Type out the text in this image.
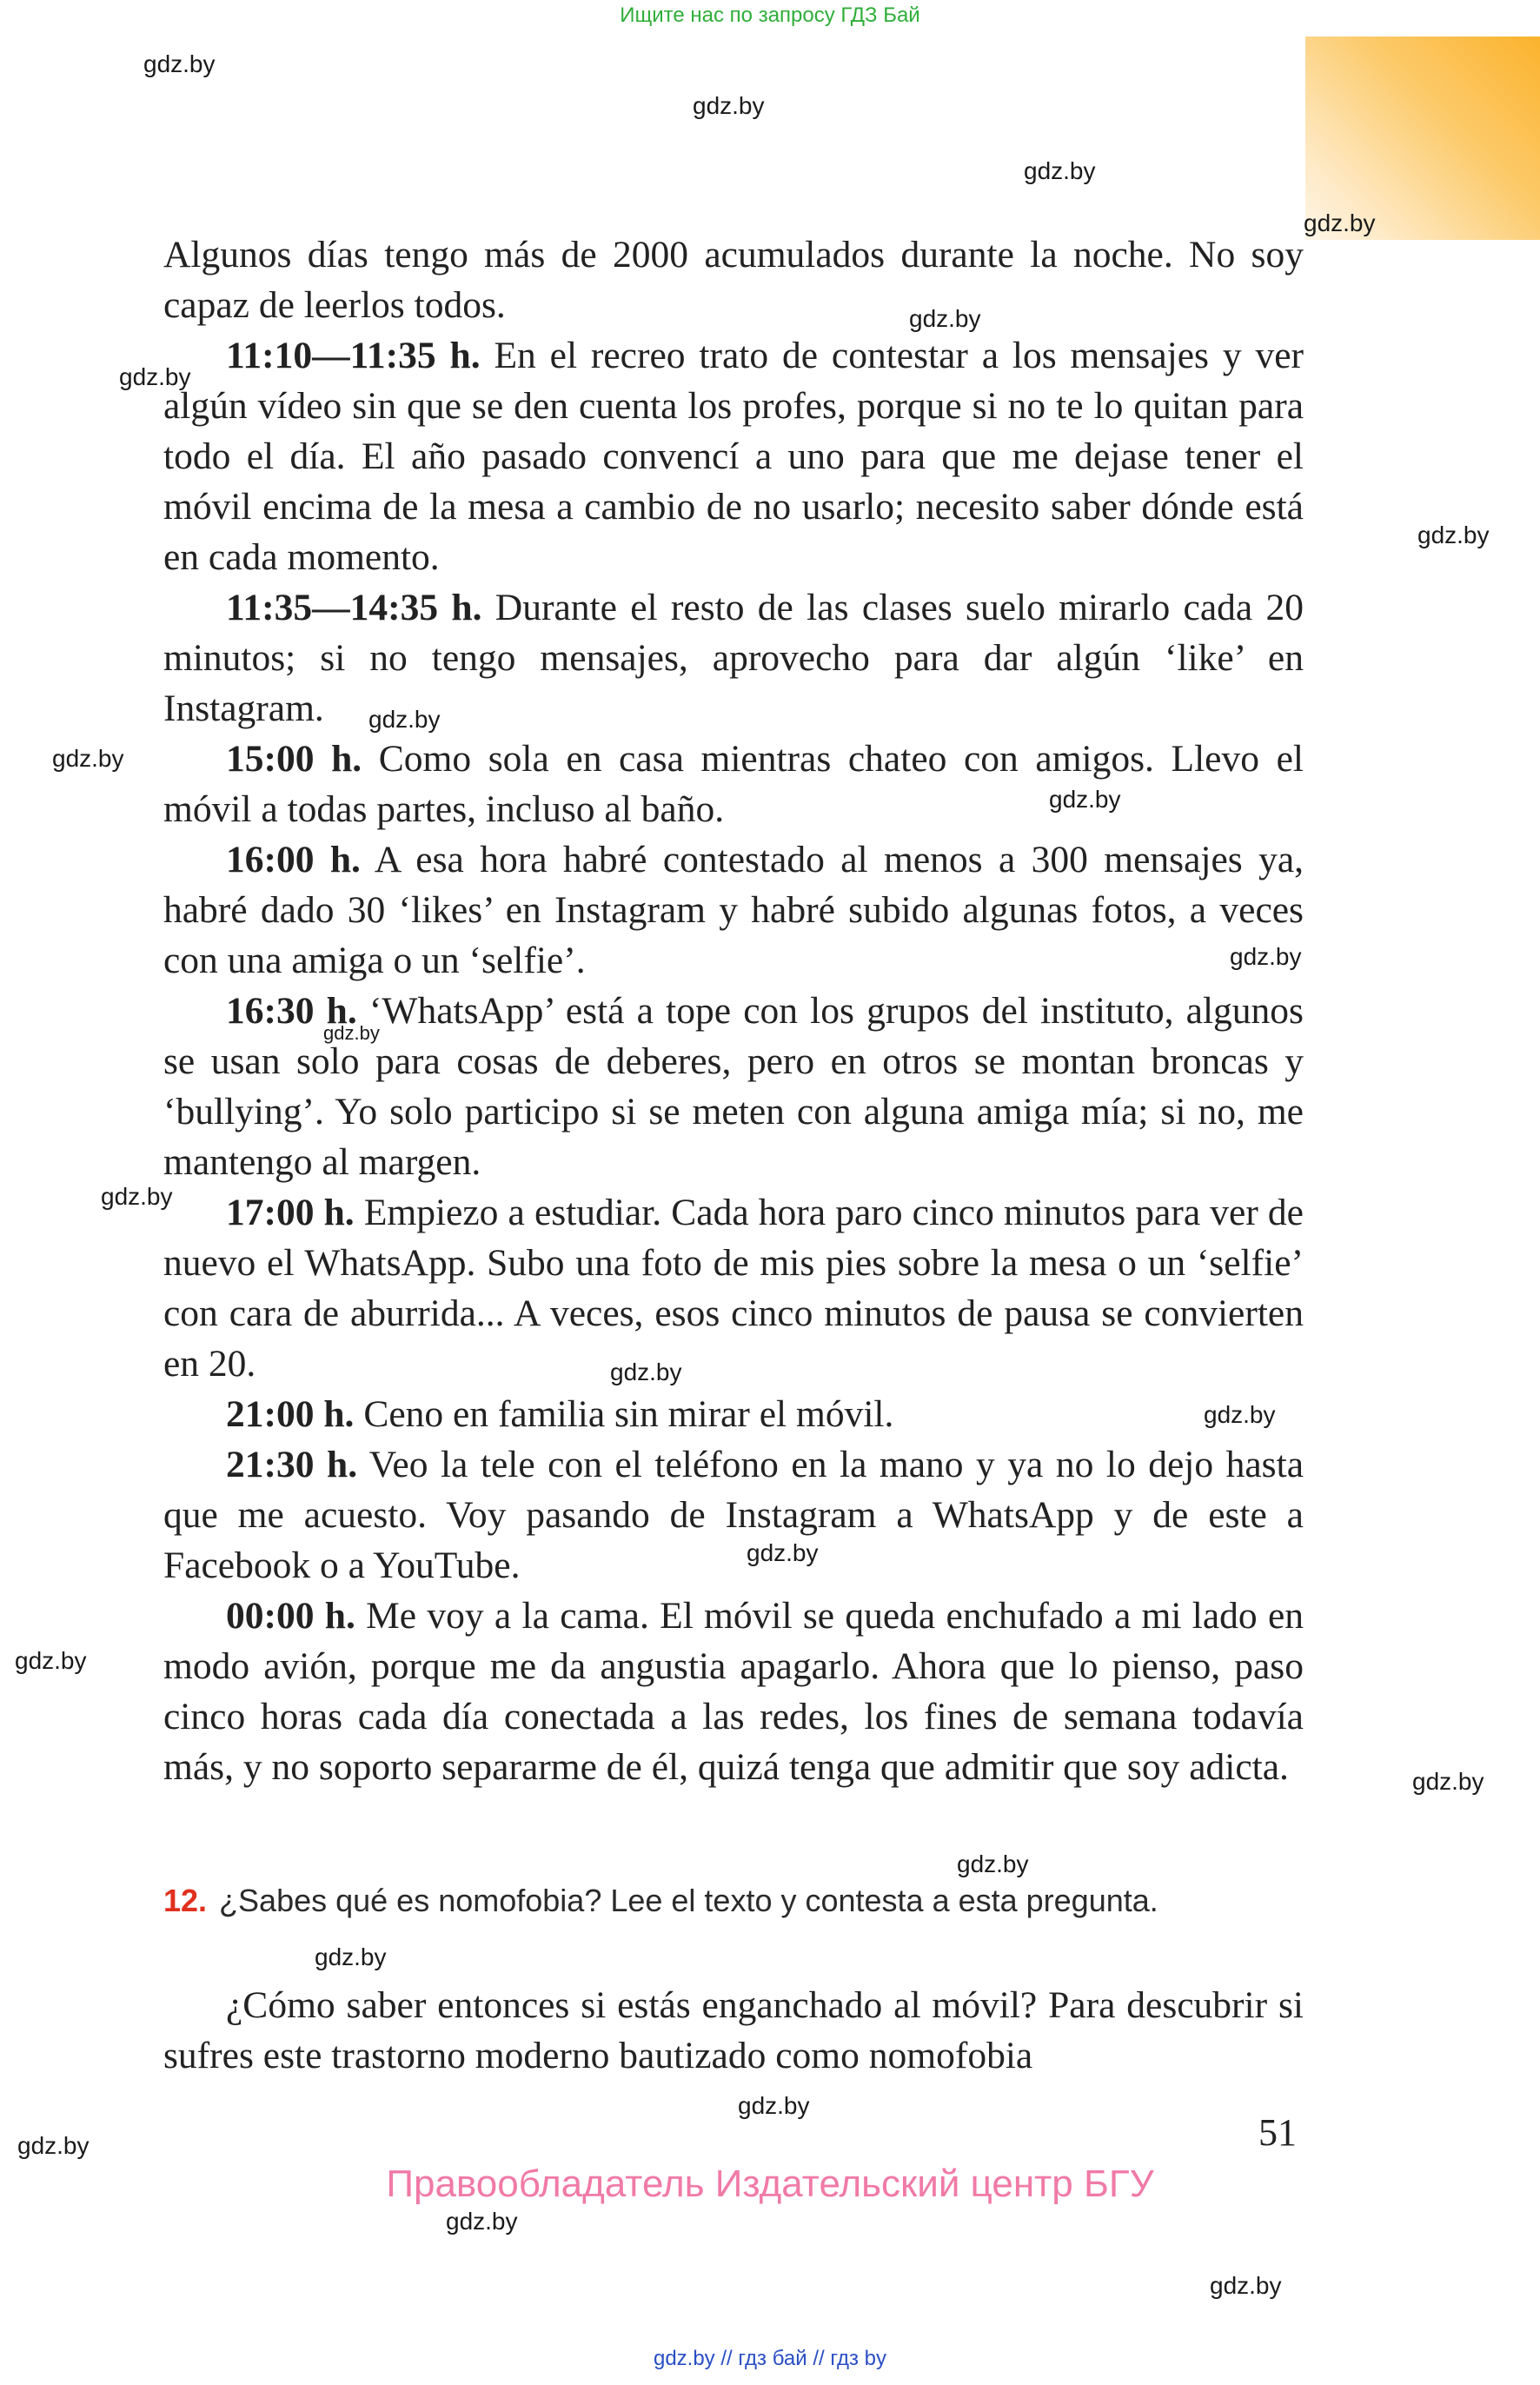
Ищите нас по запросу ГДЗ Бай
gdz.by
gdz.by
gdz.by
gdz.by
gdz.by
gdz.by
gdz.by
gdz.by
gdz.by
gdz.by
gdz.by
gdz.by
gdz.by
gdz.by
gdz.by
gdz.by
gdz.by
gdz.by
gdz.by
gdz.by
gdz.by
gdz.by
gdz.by
gdz.by

Algunos días tengo más de 2000 acumulados durante la noche. No soy capaz de leerlos todos.

11:10—11:35 h. En el recreo trato de contestar a los mensajes y ver algún vídeo sin que se den cuenta los profes, porque si no te lo quitan para todo el día. El año pasado convencí a uno para que me dejase tener el móvil encima de la mesa a cambio de no usarlo; necesito saber dónde está en cada momento.

11:35—14:35 h. Durante el resto de las clases suelo mirarlo cada 20 minutos; si no tengo mensajes, aprovecho para dar algún ‘like’ en Instagram.

15:00 h. Como sola en casa mientras chateo con amigos. Llevo el móvil a todas partes, incluso al baño.

16:00 h. A esa hora habré contestado al menos a 300 mensajes ya, habré dado 30 ‘likes’ en Instagram y habré subido algunas fotos, a veces con una amiga o un ‘selfie’.

16:30 h. ‘WhatsApp’ está a tope con los grupos del instituto, algunos se usan solo para cosas de deberes, pero en otros se montan broncas y ‘bullying’. Yo solo participo si se meten con alguna amiga mía; si no, me mantengo al margen.

17:00 h. Empiezo a estudiar. Cada hora paro cinco minutos para ver de nuevo el WhatsApp. Subo una foto de mis pies sobre la mesa o un ‘selfie’ con cara de aburrida... A veces, esos cinco minutos de pausa se convierten en 20.

21:00 h. Ceno en familia sin mirar el móvil.

21:30 h. Veo la tele con el teléfono en la mano y ya no lo dejo hasta que me acuesto. Voy pasando de Instagram a WhatsApp y de este a Facebook o a YouTube.

00:00 h. Me voy a la cama. El móvil se queda enchufado a mi lado en modo avión, porque me da angustia apagarlo. Ahora que lo pienso, paso cinco horas cada día conectada a las redes, los fines de semana todavía más, y no soporto separarme de él, quizá tenga que admitir que soy adicta.

12. ¿Sabes qué es nomofobia? Lee el texto y contesta a esta pregunta.

¿Cómo saber entonces si estás enganchado al móvil? Para descubrir si sufres este trastorno moderno bautizado como nomofobia

51
Правообладатель Издательский центр БГУ
gdz.by // гдз бай // гдз by
